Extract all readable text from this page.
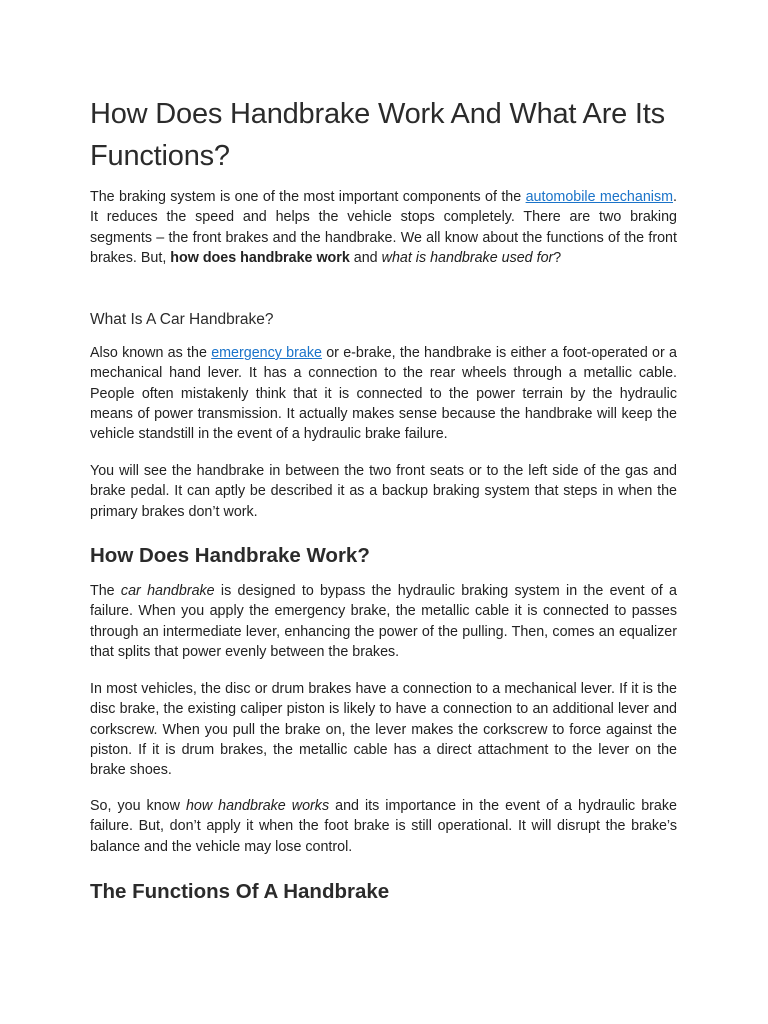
How Does Handbrake Work And What Are Its Functions?

The braking system is one of the most important components of the automobile mechanism. It reduces the speed and helps the vehicle stops completely. There are two braking segments – the front brakes and the handbrake. We all know about the functions of the front brakes. But, how does handbrake work and what is handbrake used for?

What Is A Car Handbrake?

Also known as the emergency brake or e-brake, the handbrake is either a foot-operated or a mechanical hand lever. It has a connection to the rear wheels through a metallic cable. People often mistakenly think that it is connected to the power terrain by the hydraulic means of power transmission. It actually makes sense because the handbrake will keep the vehicle standstill in the event of a hydraulic brake failure.

You will see the handbrake in between the two front seats or to the left side of the gas and brake pedal. It can aptly be described it as a backup braking system that steps in when the primary brakes don’t work.

How Does Handbrake Work?

The car handbrake is designed to bypass the hydraulic braking system in the event of a failure. When you apply the emergency brake, the metallic cable it is connected to passes through an intermediate lever, enhancing the power of the pulling. Then, comes an equalizer that splits that power evenly between the brakes.

In most vehicles, the disc or drum brakes have a connection to a mechanical lever. If it is the disc brake, the existing caliper piston is likely to have a connection to an additional lever and corkscrew. When you pull the brake on, the lever makes the corkscrew to force against the piston. If it is drum brakes, the metallic cable has a direct attachment to the lever on the brake shoes.

So, you know how handbrake works and its importance in the event of a hydraulic brake failure. But, don’t apply it when the foot brake is still operational. It will disrupt the brake’s balance and the vehicle may lose control.

The Functions Of A Handbrake
